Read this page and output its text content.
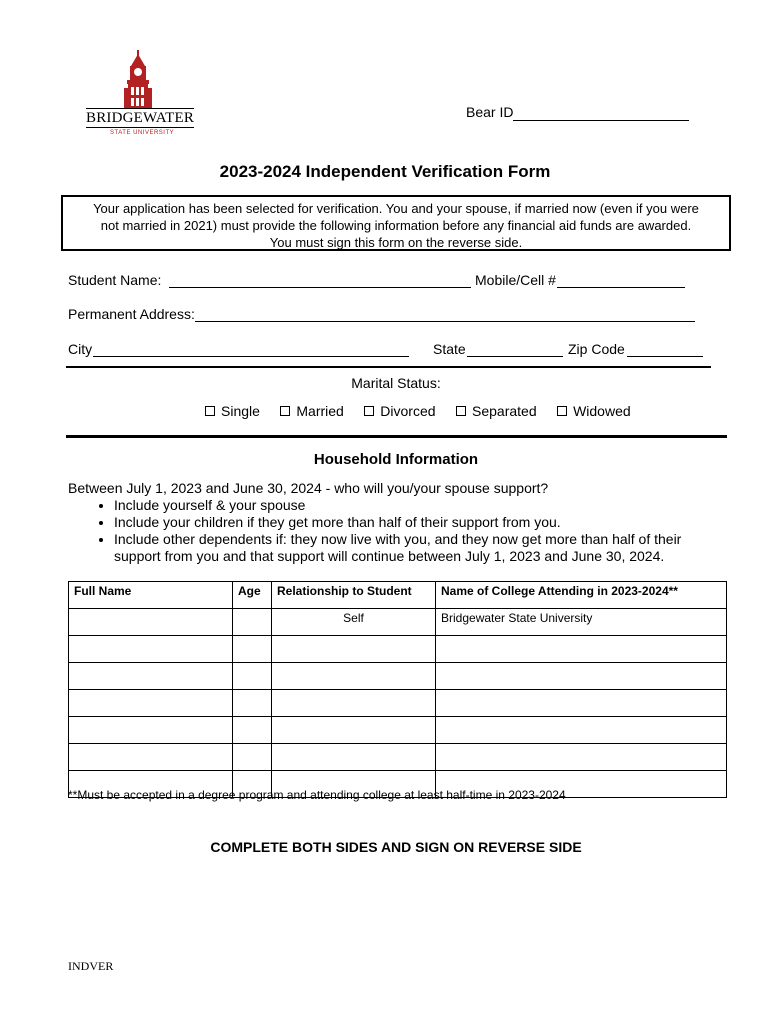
BRIDGEWATER
STATE UNIVERSITY
Bear ID
2023-2024 Independent Verification Form
Your application has been selected for verification. You and your spouse, if married now (even if you were
not married in 2021) must provide the following information before any financial aid funds are awarded.
You must sign this form on the reverse side.
Student Name:	Mobile/Cell #
Permanent Address:
City	State	Zip Code
Marital Status:
Single
	Married
	Divorced
	Separated
	Widowed
Household Information
Between July 1, 2023 and June 30, 2024 - who will you/your spouse support?
• Include yourself & your spouse
• Include your children if they get more than half of their support from you.
• Include other dependents if: they now live with you, and they now get more than half of their support from you and that support will continue between July 1, 2023 and June 30, 2024.
Full Name	Age	Relationship to Student	Name of College Attending in 2023-2024**
		Self	Bridgewater State University

**Must be accepted in a degree program and attending college at least half-time in 2023-2024
COMPLETE BOTH SIDES AND SIGN ON REVERSE SIDE
INDVER
